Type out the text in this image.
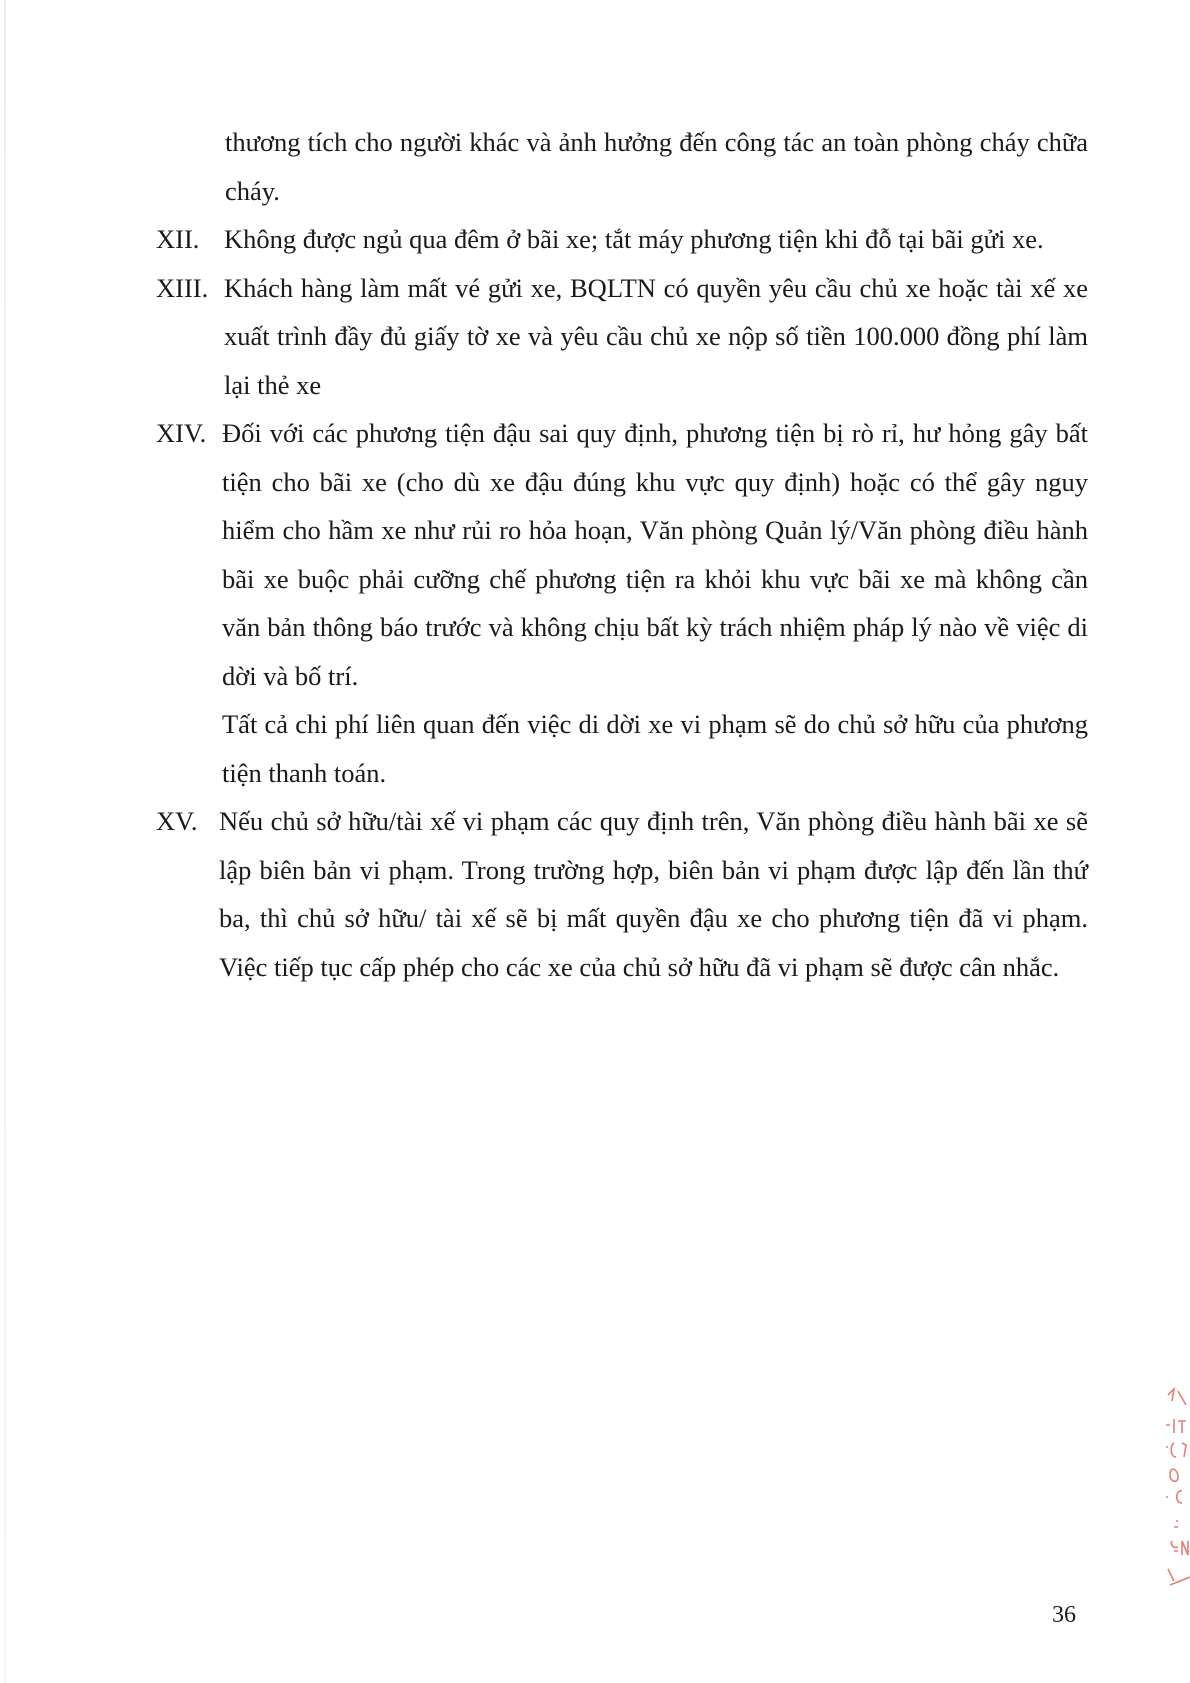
thương tích cho người khác và ảnh hưởng đến công tác an toàn phòng cháy chữa cháy.
XII. Không được ngủ qua đêm ở bãi xe; tắt máy phương tiện khi đỗ tại bãi gửi xe.
XIII. Khách hàng làm mất vé gửi xe, BQLTN có quyền yêu cầu chủ xe hoặc tài xế xe xuất trình đầy đủ giấy tờ xe và yêu cầu chủ xe nộp số tiền 100.000 đồng phí làm lại thẻ xe
XIV. Đối với các phương tiện đậu sai quy định, phương tiện bị rò rỉ, hư hỏng gây bất tiện cho bãi xe (cho dù xe đậu đúng khu vực quy định) hoặc có thể gây nguy hiểm cho hầm xe như rủi ro hỏa hoạn, Văn phòng Quản lý/Văn phòng điều hành bãi xe buộc phải cưỡng chế phương tiện ra khỏi khu vực bãi xe mà không cần văn bản thông báo trước và không chịu bất kỳ trách nhiệm pháp lý nào về việc di dời và bố trí.
Tất cả chi phí liên quan đến việc di dời xe vi phạm sẽ do chủ sở hữu của phương tiện thanh toán.
XV. Nếu chủ sở hữu/tài xế vi phạm các quy định trên, Văn phòng điều hành bãi xe sẽ lập biên bản vi phạm. Trong trường hợp, biên bản vi phạm được lập đến lần thứ ba, thì chủ sở hữu/ tài xế sẽ bị mất quyền đậu xe cho phương tiện đã vi phạm. Việc tiếp tục cấp phép cho các xe của chủ sở hữu đã vi phạm sẽ được cân nhắc.
36
